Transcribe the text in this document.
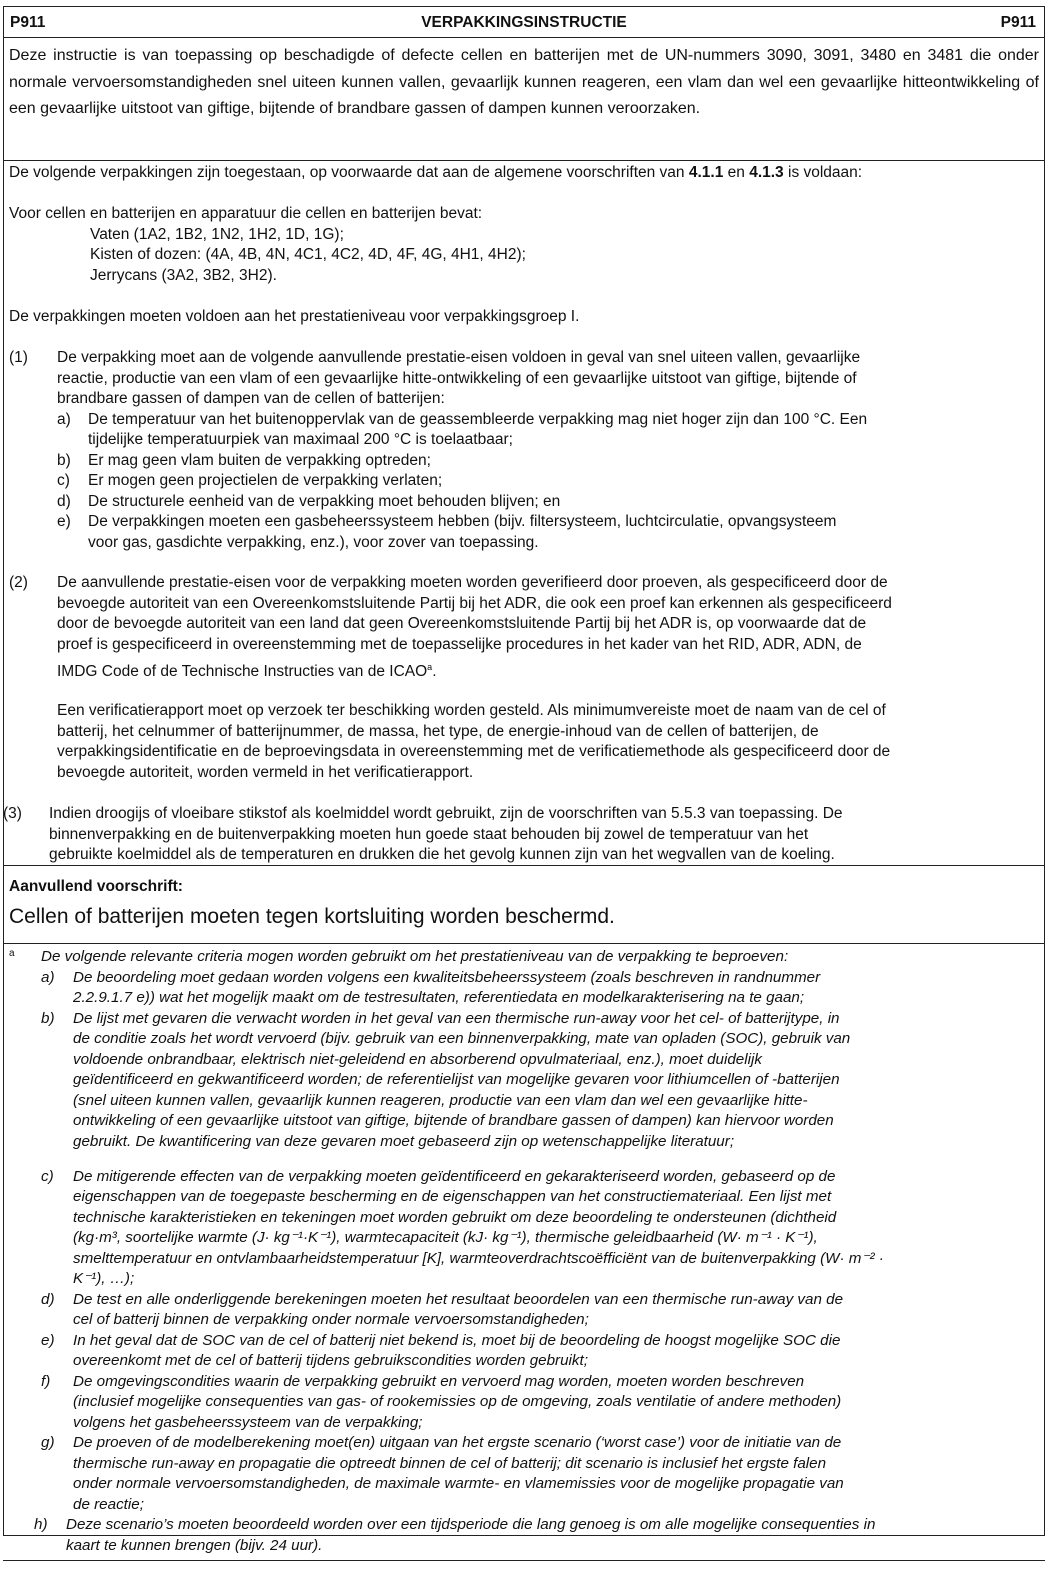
P911	VERPAKKINGSINSTRUCTIE	P911
Deze instructie is van toepassing op beschadigde of defecte cellen en batterijen met de UN-nummers 3090, 3091, 3480 en 3481 die onder normale vervoersomstandigheden snel uiteen kunnen vallen, gevaarlijk kunnen reageren, een vlam dan wel een gevaarlijke hitteontwikkeling of een gevaarlijke uitstoot van giftige, bijtende of brandbare gassen of dampen kunnen veroorzaken.
De volgende verpakkingen zijn toegestaan, op voorwaarde dat aan de algemene voorschriften van 4.1.1 en 4.1.3 is voldaan:
Voor cellen en batterijen en apparatuur die cellen en batterijen bevat:
Vaten (1A2, 1B2, 1N2, 1H2, 1D, 1G);
Kisten of dozen: (4A, 4B, 4N, 4C1, 4C2, 4D, 4F, 4G, 4H1, 4H2);
Jerrycans (3A2, 3B2, 3H2).
De verpakkingen moeten voldoen aan het prestatieniveau voor verpakkingsgroep I.
(1) De verpakking moet aan de volgende aanvullende prestatie-eisen voldoen in geval van snel uiteen vallen, gevaarlijke
reactie, productie van een vlam of een gevaarlijke hitte-ontwikkeling of een gevaarlijke uitstoot van giftige, bijtende of
brandbare gassen of dampen van de cellen of batterijen:
a) De temperatuur van het buitenoppervlak van de geassembleerde verpakking mag niet hoger zijn dan 100 °C. Een
tijdelijke temperatuurpiek van maximaal 200 °C is toelaatbaar;
b) Er mag geen vlam buiten de verpakking optreden;
c) Er mogen geen projectielen de verpakking verlaten;
d) De structurele eenheid van de verpakking moet behouden blijven; en
e) De verpakkingen moeten een gasbeheerssysteem hebben (bijv. filtersysteem, luchtcirculatie, opvangsysteem
voor gas, gasdichte verpakking, enz.), voor zover van toepassing.
(2) De aanvullende prestatie-eisen voor de verpakking moeten worden geverifieerd door proeven, als gespecificeerd door de
bevoegde autoriteit van een Overeenkomstsluitende Partij bij het ADR, die ook een proef kan erkennen als gespecificeerd
door de bevoegde autoriteit van een land dat geen Overeenkomstsluitende Partij bij het ADR is, op voorwaarde dat de
proef is gespecificeerd in overeenstemming met de toepasselijke procedures in het kader van het RID, ADR, ADN, de
IMDG Code of de Technische Instructies van de ICAO$^a$.
Een verificatierapport moet op verzoek ter beschikking worden gesteld. Als minimumvereiste moet de naam van de cel of
batterij, het celnummer of batterijnummer, de massa, het type, de energie-inhoud van de cellen of batterijen, de
verpakkingsidentificatie en de beproevingsdata in overeenstemming met de verificatiemethode als gespecificeerd door de
bevoegde autoriteit, worden vermeld in het verificatierapport.
(3) Indien droogijs of vloeibare stikstof als koelmiddel wordt gebruikt, zijn de voorschriften van 5.5.3 van toepassing. De
binnenverpakking en de buitenverpakking moeten hun goede staat behouden bij zowel de temperatuur van het
gebruikte koelmiddel als de temperaturen en drukken die het gevolg kunnen zijn van het wegvallen van de koeling.
Aanvullend voorschrift:
Cellen of batterijen moeten tegen kortsluiting worden beschermd.
a De volgende relevante criteria mogen worden gebruikt om het prestatieniveau van de verpakking te beproeven:
a) De beoordeling moet gedaan worden volgens een kwaliteitsbeheerssysteem (zoals beschreven in randnummer
2.2.9.1.7 e)) wat het mogelijk maakt om de testresultaten, referentiedata en modelkarakterisering na te gaan;
b) De lijst met gevaren die verwacht worden in het geval van een thermische run-away voor het cel- of batterijtype, in
de conditie zoals het wordt vervoerd (bijv. gebruik van een binnenverpakking, mate van opladen (SOC), gebruik van
voldoende onbrandbaar, elektrisch niet-geleidend en absorberend opvulmateriaal, enz.), moet duidelijk
geïdentificeerd en gekwantificeerd worden; de referentielijst van mogelijke gevaren voor lithiumcellen of -batterijen
(snel uiteen kunnen vallen, gevaarlijk kunnen reageren, productie van een vlam dan wel een gevaarlijke hitte-
ontwikkeling of een gevaarlijke uitstoot van giftige, bijtende of brandbare gassen of dampen) kan hiervoor worden
gebruikt. De kwantificering van deze gevaren moet gebaseerd zijn op wetenschappelijke literatuur;
c) De mitigerende effecten van de verpakking moeten geïdentificeerd en gekarakteriseerd worden, gebaseerd op de
eigenschappen van de toegepaste bescherming en de eigenschappen van het constructiemateriaal. Een lijst met
technische karakteristieken en tekeningen moet worden gebruikt om deze beoordeling te ondersteunen (dichtheid
(kg·m³, soortelijke warmte (J· kg⁻¹·K⁻¹), warmtecapaciteit (kJ· kg⁻¹), thermische geleidbaarheid (W· m⁻¹ · K⁻¹),
smelttemperatuur en ontvlambaarheidstemperatuur [K], warmteoverdrachtscoëfficiënt van de buitenverpakking (W· m⁻² ·
K⁻¹), …);
d) De test en alle onderliggende berekeningen moeten het resultaat beoordelen van een thermische run-away van de
cel of batterij binnen de verpakking onder normale vervoersomstandigheden;
e) In het geval dat de SOC van de cel of batterij niet bekend is, moet bij de beoordeling de hoogst mogelijke SOC die
overeenkomt met de cel of batterij tijdens gebruikscondities worden gebruikt;
f) De omgevingscondities waarin de verpakking gebruikt en vervoerd mag worden, moeten worden beschreven
(inclusief mogelijke consequenties van gas- of rookemissies op de omgeving, zoals ventilatie of andere methoden)
volgens het gasbeheerssysteem van de verpakking;
g) De proeven of de modelberekening moet(en) uitgaan van het ergste scenario (‘worst case’) voor de initiatie van de
thermische run-away en propagatie die optreedt binnen de cel of batterij; dit scenario is inclusief het ergste falen
onder normale vervoersomstandigheden, de maximale warmte- en vlamemissies voor de mogelijke propagatie van
de reactie;
h) Deze scenario’s moeten beoordeeld worden over een tijdsperiode die lang genoeg is om alle mogelijke consequenties in
kaart te kunnen brengen (bijv. 24 uur).
